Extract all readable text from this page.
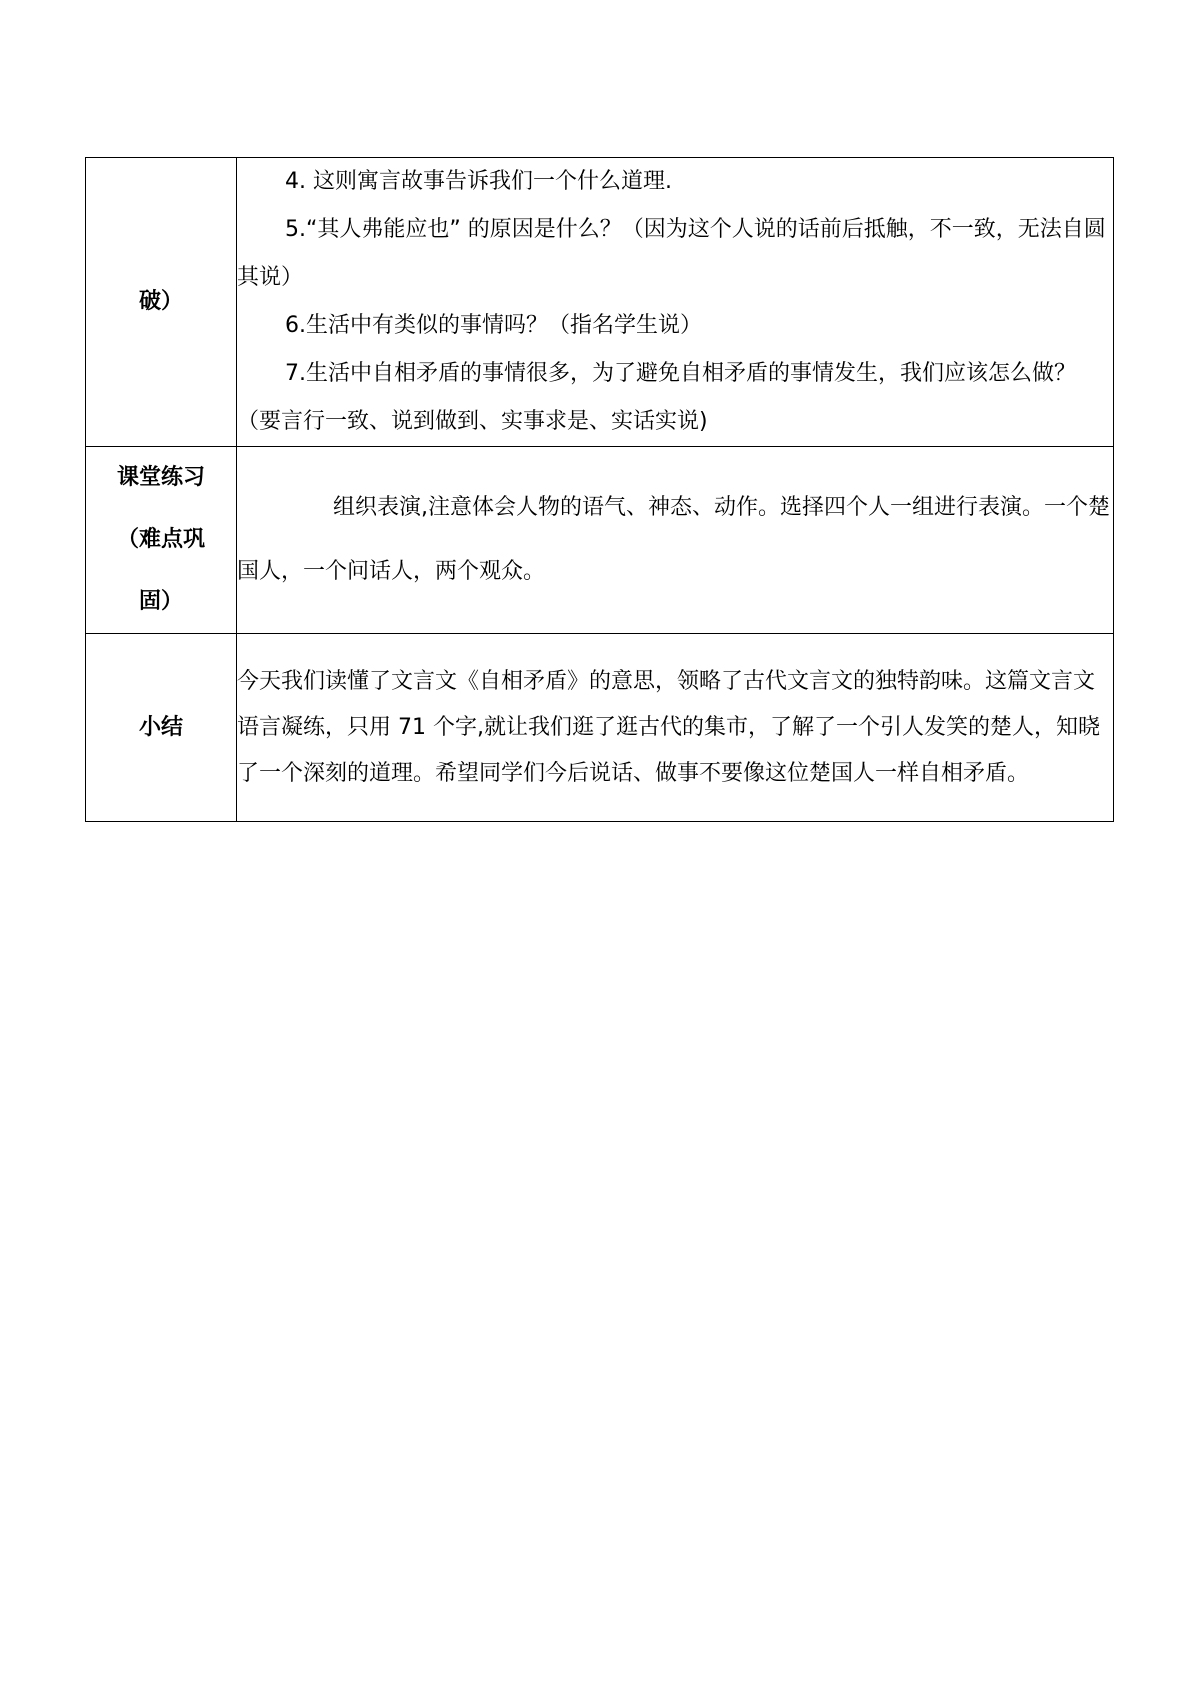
破）	4. 这则寓言故事告诉我们一个什么道理.

5.“其人弗能应也” 的原因是什么？（因为这个人说的话前后抵触，不一致，无法自圆其说）

6.生活中有类似的事情吗？（指名学生说）

7.生活中自相矛盾的事情很多，为了避免自相矛盾的事情发生，我们应该怎么做？（要言行一致、说到做到、实事求是、实话实说)

课堂练习
（难点巩
固）	组织表演,注意体会人物的语气、神态、动作。选择四个人一组进行表演。一个楚国人，一个问话人，两个观众。

小结	今天我们读懂了文言文《自相矛盾》的意思，领略了古代文言文的独特韵味。这篇文言文语言凝练，只用 71 个字,就让我们逛了逛古代的集市，了解了一个引人发笑的楚人，知晓了一个深刻的道理。希望同学们今后说话、做事不要像这位楚国人一样自相矛盾。
